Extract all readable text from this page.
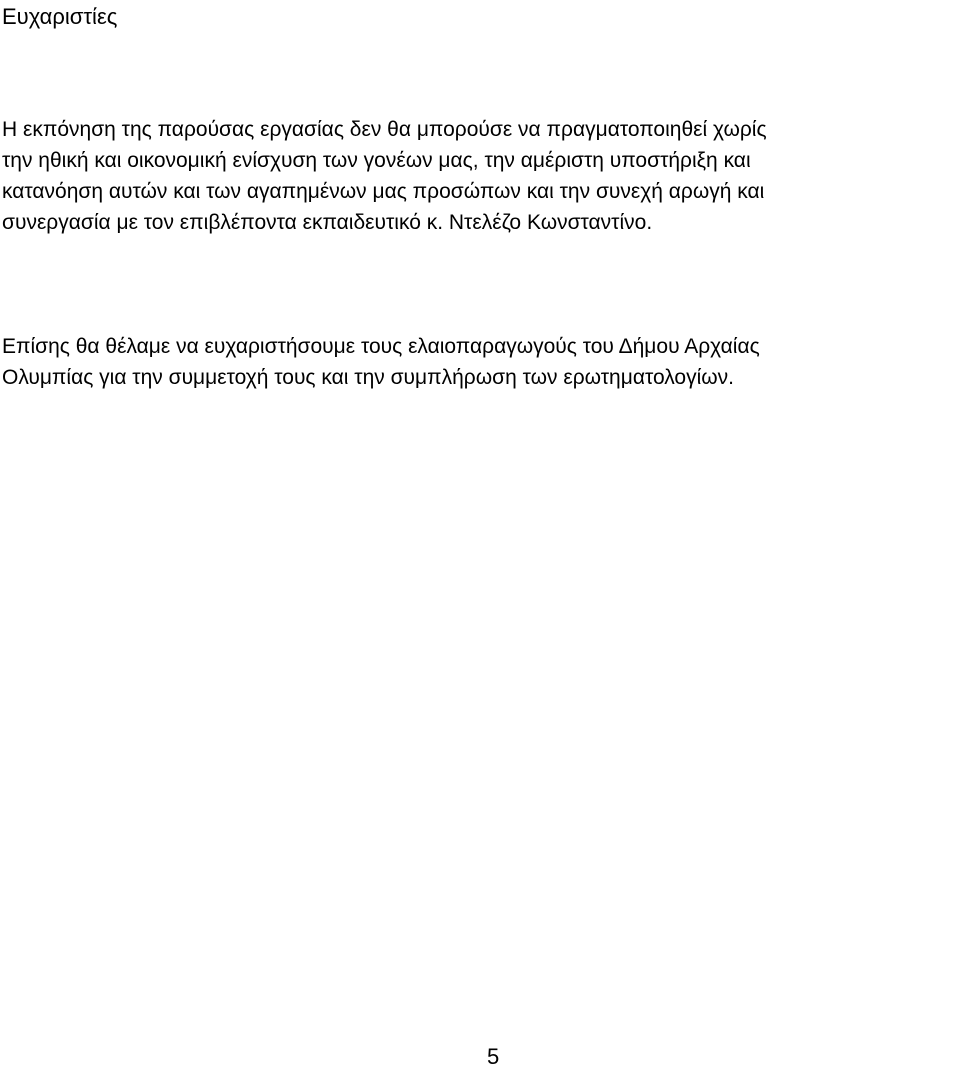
Ευχαριστίες

Η εκπόνηση της παρούσας εργασίας δεν θα μπορούσε να πραγματοποιηθεί χωρίς
την ηθική και οικονομική ενίσχυση των γονέων μας, την αμέριστη υποστήριξη και
κατανόηση αυτών και των αγαπημένων μας προσώπων και την συνεχή αρωγή και
συνεργασία με τον επιβλέποντα εκπαιδευτικό κ. Ντελέζο Κωνσταντίνο.

Επίσης θα θέλαμε να ευχαριστήσουμε τους ελαιοπαραγωγούς του Δήμου Αρχαίας
Ολυμπίας για την συμμετοχή τους και την συμπλήρωση των ερωτηματολογίων.

5
